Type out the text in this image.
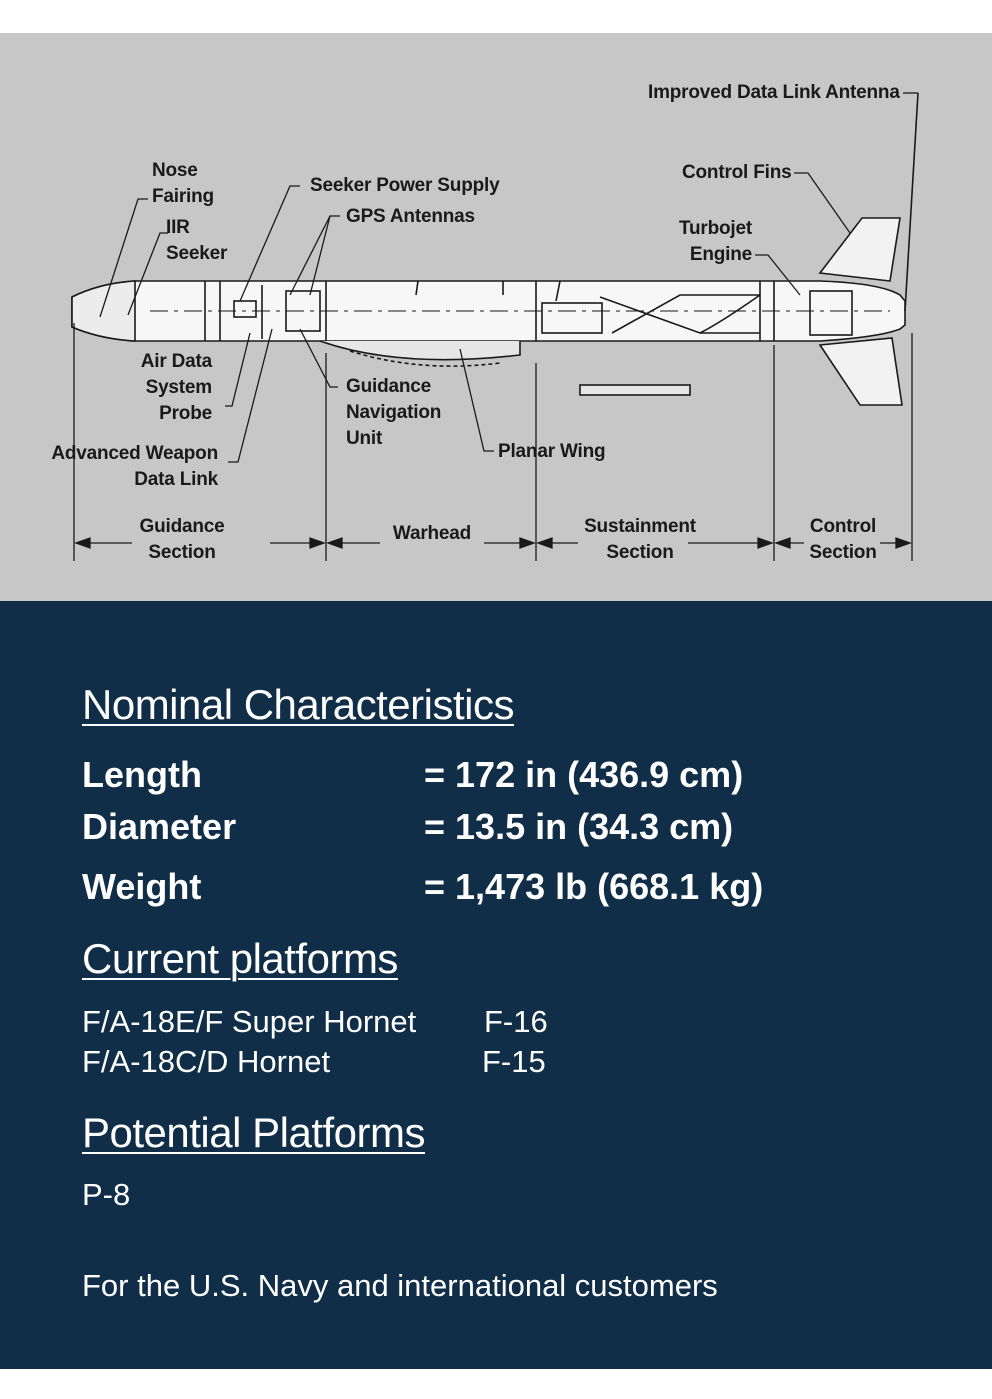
Improved Data Link Antenna
Nose
Fairing
Seeker Power Supply
GPS Antennas
Control Fins
IIR
Seeker
Turbojet
Engine
Air Data
System
Probe
Guidance
Navigation
Unit
Advanced Weapon
Data Link
Planar Wing
Guidance
Section
Warhead	Sustainment
Section
Control
Section
Nominal Characteristics
Length	= 172 in (436.9 cm)
Diameter	= 13.5 in (34.3 cm)
Weight	= 1,473 lb (668.1 kg)
Current platforms
F/A-18E/F Super Hornet F-16
F/A-18C/D Hornet	F-15
Potential Platforms
P-8
For the U.S. Navy and international customers
